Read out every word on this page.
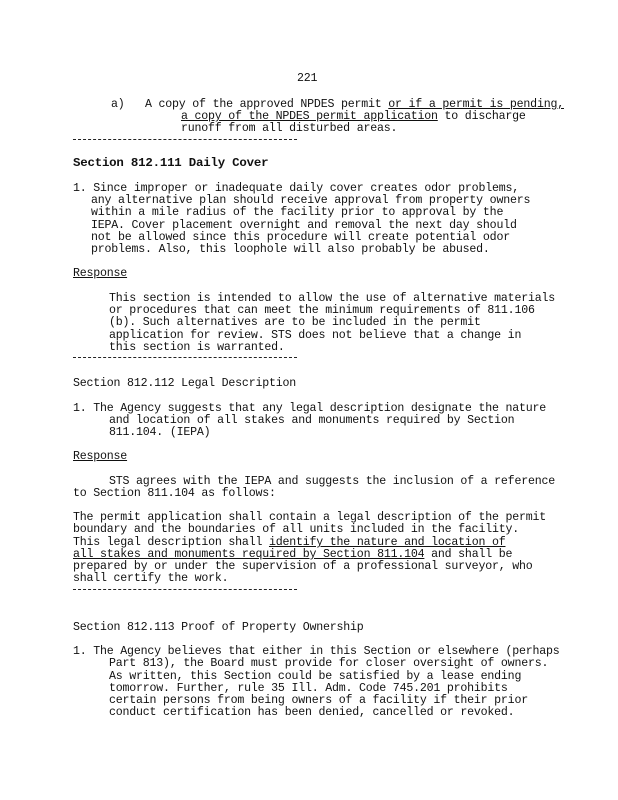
221
a) A copy of the approved NPDES permit or if a permit is pending,
a copy of the NPDES permit application to discharge
runoff from all disturbed areas.
Section 812.111 Daily Cover
1. Since improper or inadequate daily cover creates odor problems,
any alternative plan should receive approval from property owners
within a mile radius of the facility prior to approval by the
IEPA. Cover placement overnight and removal the next day should
not be allowed since this procedure will create potential odor
problems. Also, this loophole will also probably be abused.
Response
This section is intended to allow the use of alternative materials
or procedures that can meet the minimum requirements of 811.106
(b). Such alternatives are to be included in the permit
application for review. STS does not believe that a change in
this section is warranted.
Section 812.112 Legal Description
1. The Agency suggests that any legal description designate the nature
and location of all stakes and monuments required by Section
811.104. (IEPA)
Response
STS agrees with the IEPA and suggests the inclusion of a reference
to Section 811.104 as follows:
The permit application shall contain a legal description of the permit
boundary and the boundaries of all units included in the facility.
This legal description shall identify the nature and location of
all stakes and monuments required by Section 811.104 and shall be
prepared by or under the supervision of a professional surveyor, who
shall certify the work.
Section 812.113 Proof of Property Ownership
1. The Agency believes that either in this Section or elsewhere (perhaps
Part 813), the Board must provide for closer oversight of owners.
As written, this Section could be satisfied by a lease ending
tomorrow. Further, rule 35 Ill. Adm. Code 745.201 prohibits
certain persons from being owners of a facility if their prior
conduct certification has been denied, cancelled or revoked.
